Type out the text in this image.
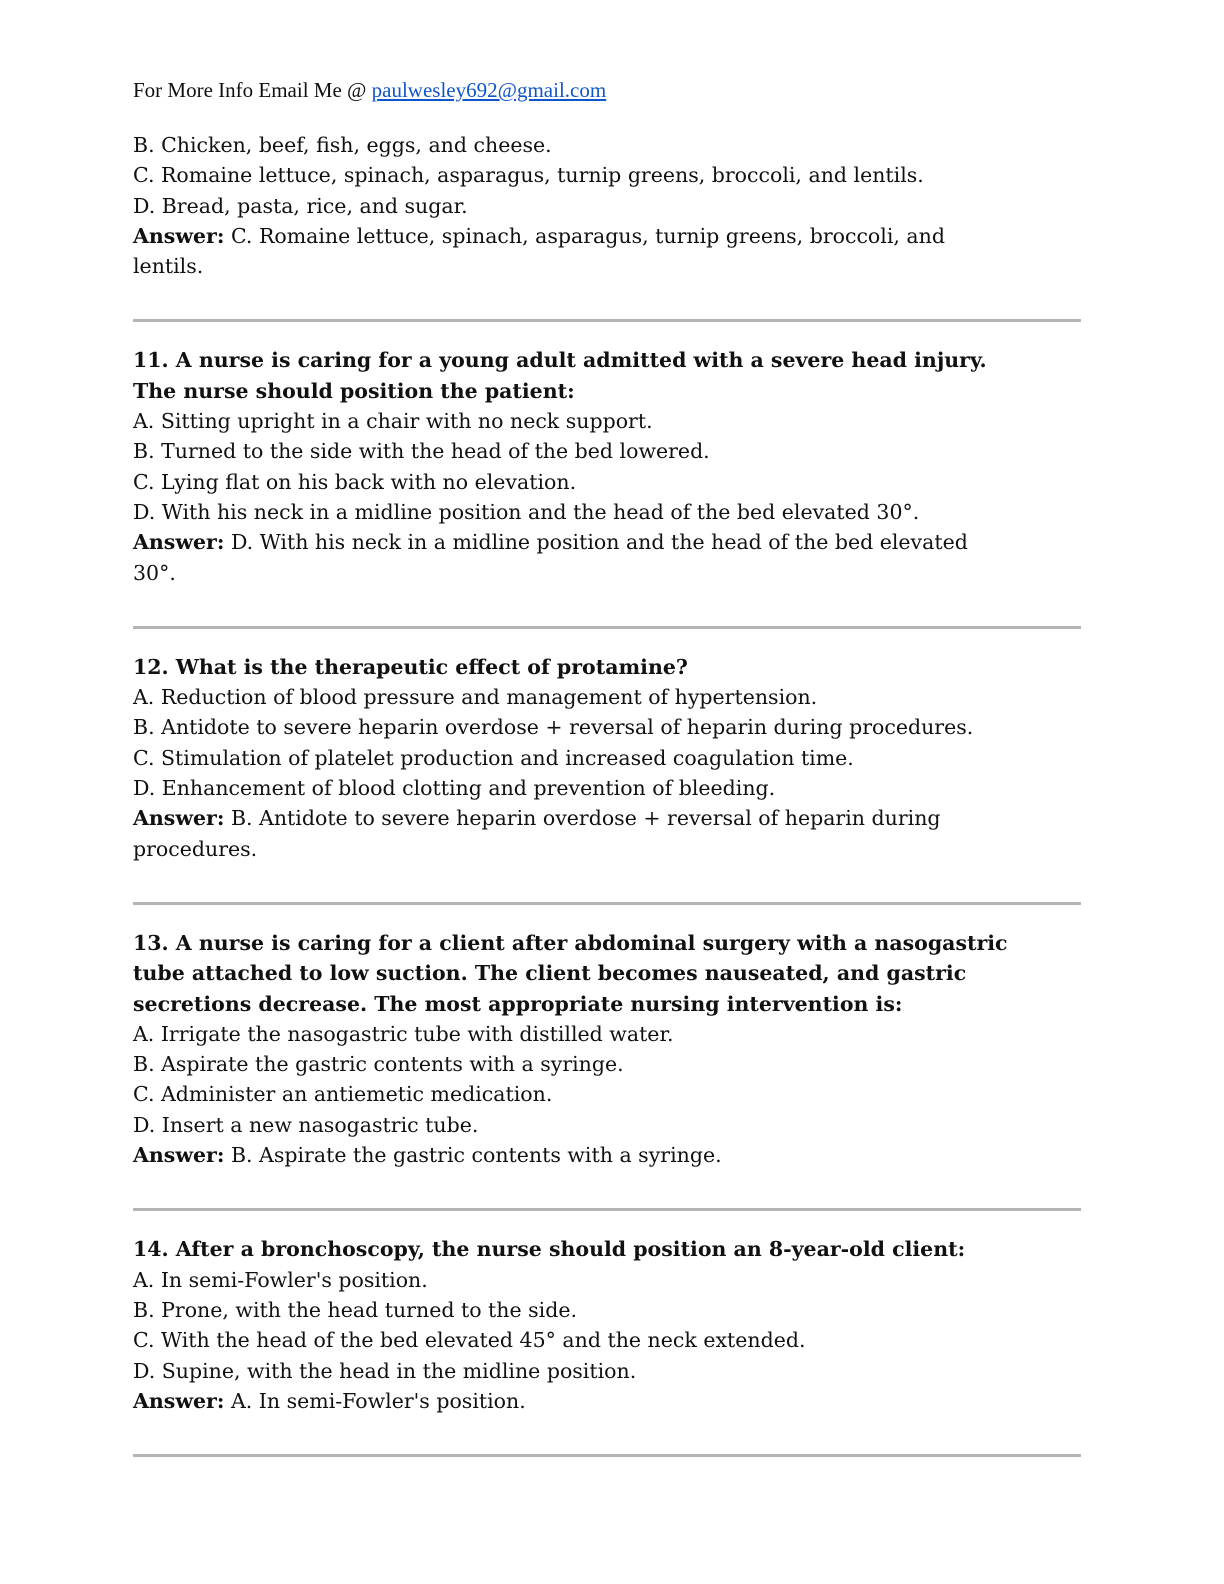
For More Info Email Me @ paulwesley692@gmail.com
B. Chicken, beef, fish, eggs, and cheese.
C. Romaine lettuce, spinach, asparagus, turnip greens, broccoli, and lentils.
D. Bread, pasta, rice, and sugar.
Answer: C. Romaine lettuce, spinach, asparagus, turnip greens, broccoli, and
lentils.
11. A nurse is caring for a young adult admitted with a severe head injury.
The nurse should position the patient:
A. Sitting upright in a chair with no neck support.
B. Turned to the side with the head of the bed lowered.
C. Lying flat on his back with no elevation.
D. With his neck in a midline position and the head of the bed elevated 30°.
Answer: D. With his neck in a midline position and the head of the bed elevated
30°.
12. What is the therapeutic effect of protamine?
A. Reduction of blood pressure and management of hypertension.
B. Antidote to severe heparin overdose + reversal of heparin during procedures.
C. Stimulation of platelet production and increased coagulation time.
D. Enhancement of blood clotting and prevention of bleeding.
Answer: B. Antidote to severe heparin overdose + reversal of heparin during
procedures.
13. A nurse is caring for a client after abdominal surgery with a nasogastric
tube attached to low suction. The client becomes nauseated, and gastric
secretions decrease. The most appropriate nursing intervention is:
A. Irrigate the nasogastric tube with distilled water.
B. Aspirate the gastric contents with a syringe.
C. Administer an antiemetic medication.
D. Insert a new nasogastric tube.
Answer: B. Aspirate the gastric contents with a syringe.
14. After a bronchoscopy, the nurse should position an 8-year-old client:
A. In semi-Fowler's position.
B. Prone, with the head turned to the side.
C. With the head of the bed elevated 45° and the neck extended.
D. Supine, with the head in the midline position.
Answer: A. In semi-Fowler's position.
